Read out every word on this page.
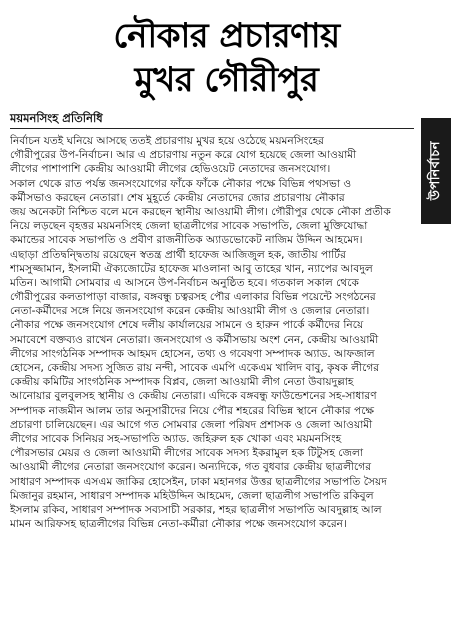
নৌকার প্রচারণায়
মুখর গৌরীপুর
ময়মনসিংহ প্রতিনিধি
উপনির্বাচন
নির্বাচন যতই ঘনিয়ে আসছে ততই প্রচারণায় মুখর হয়ে ওঠেছে ময়মনসিংহের
গৌরীপুরের উপ-নির্বাচন। আর এ প্রচারণায় নতুন করে যোগ হয়েছে জেলা আওয়ামী
লীগের পাশাপাশি কেন্দ্রীয় আওয়ামী লীগের হেভিওয়েট নেতাদের জনসংযোগ।
সকাল থেকে রাত পর্যন্ত জনসংযোগের ফাঁকে ফাঁকে নৌকার পক্ষে বিভিন্ন পথসভা ও
কর্মীসভাও করছেন নেতারা। শেষ মুহূর্তে কেন্দ্রীয় নেতাদের জোর প্রচারণায় নৌকার
জয় অনেকটা নিশ্চিত বলে মনে করছেন স্থানীয় আওয়ামী লীগ। গৌরীপুর থেকে নৌকা প্রতীক
নিয়ে লড়ছেন বৃহত্তর ময়মনসিংহ জেলা ছাত্রলীগের সাবেক সভাপতি, জেলা মুক্তিযোদ্ধা
কমান্ডের সাবেক সভাপতি ও প্রবীণ রাজনীতিক অ্যাডভোকেট নাজিম উদ্দিন আহমেদ।
এছাড়া প্রতিদ্বন্দ্বিতায় রয়েছেন স্বতন্ত্র প্রার্থী হাফেজ আজিজুল হক, জাতীয় পার্টির
শামসুজ্জামান, ইসলামী ঐক্যজোটের হাফেজ মাওলানা আবু তাহের খান, ন্যাপের আবদুল
মতিন। আগামী সোমবার এ আসনে উপ-নির্বাচন অনুষ্ঠিত হবে। গতকাল সকাল থেকে
গৌরীপুরের কলতাপাড়া বাজার, বঙ্গবন্ধু চত্বরসহ পৌর এলাকার বিভিন্ন পয়েন্টে সংগঠনের
নেতা-কর্মীদের সঙ্গে নিয়ে জনসংযোগ করেন কেন্দ্রীয় আওয়ামী লীগ ও জেলার নেতারা।
নৌকার পক্ষে জনসংযোগ শেষে দলীয় কার্যালয়ের সামনে ও হারুন পার্কে কর্মীদের নিয়ে
সমাবেশে বক্তব্যও রাখেন নেতারা। জনসংযোগ ও কর্মীসভায় অংশ নেন, কেন্দ্রীয় আওয়ামী
লীগের সাংগঠনিক সম্পাদক আহমদ হোসেন, তথ্য ও গবেষণা সম্পাদক অ্যাড. আফজাল
হোসেন, কেন্দ্রীয় সদস্য সুজিত রায় নন্দী, সাবেক এমপি একেএম খালিদ বাবু, কৃষক লীগের
কেন্দ্রীয় কমিটির সাংগঠনিক সম্পাদক বিপ্লব, জেলা আওয়ামী লীগ নেতা উবায়দুল্লাহ
আনোয়ার বুলবুলসহ স্থানীয় ও কেন্দ্রীয় নেতারা। এদিকে বঙ্গবন্ধু ফাউন্ডেশনের সহ-সাধারণ
সম্পাদক নাজমীন আলম তার অনুসারীদের নিয়ে পৌর শহরের বিভিন্ন স্থানে নৌকার পক্ষে
প্রচারণা চালিয়েছেন। এর আগে গত সোমবার জেলা পরিষদ প্রশাসক ও জেলা আওয়ামী
লীগের সাবেক সিনিয়র সহ-সভাপতি অ্যাড. জহিরুল হক খোকা এবং ময়মনসিংহ
পৌরসভার মেয়র ও জেলা আওয়ামী লীগের সাবেক সদস্য ইকরামুল হক টিটুসহ জেলা
আওয়ামী লীগের নেতারা জনসংযোগ করেন। অন্যদিকে, গত বুধবার কেন্দ্রীয় ছাত্রলীগের
সাধারণ সম্পাদক এসএম জাকির হোসেইন, ঢাকা মহানগর উত্তর ছাত্রলীগের সভাপতি সৈয়দ
মিজানুর রহমান, সাধারণ সম্পাদক মহিউদ্দিন আহমেদ, জেলা ছাত্রলীগ সভাপতি রকিবুল
ইসলাম রকিব, সাধারণ সম্পাদক সব্যসাচী সরকার, শহর ছাত্রলীগ সভাপতি আবদুল্লাহ আল
মামন আরিফসহ ছাত্রলীগের বিভিন্ন নেতা-কর্মীরা নৌকার পক্ষে জনসংযোগ করেন।
